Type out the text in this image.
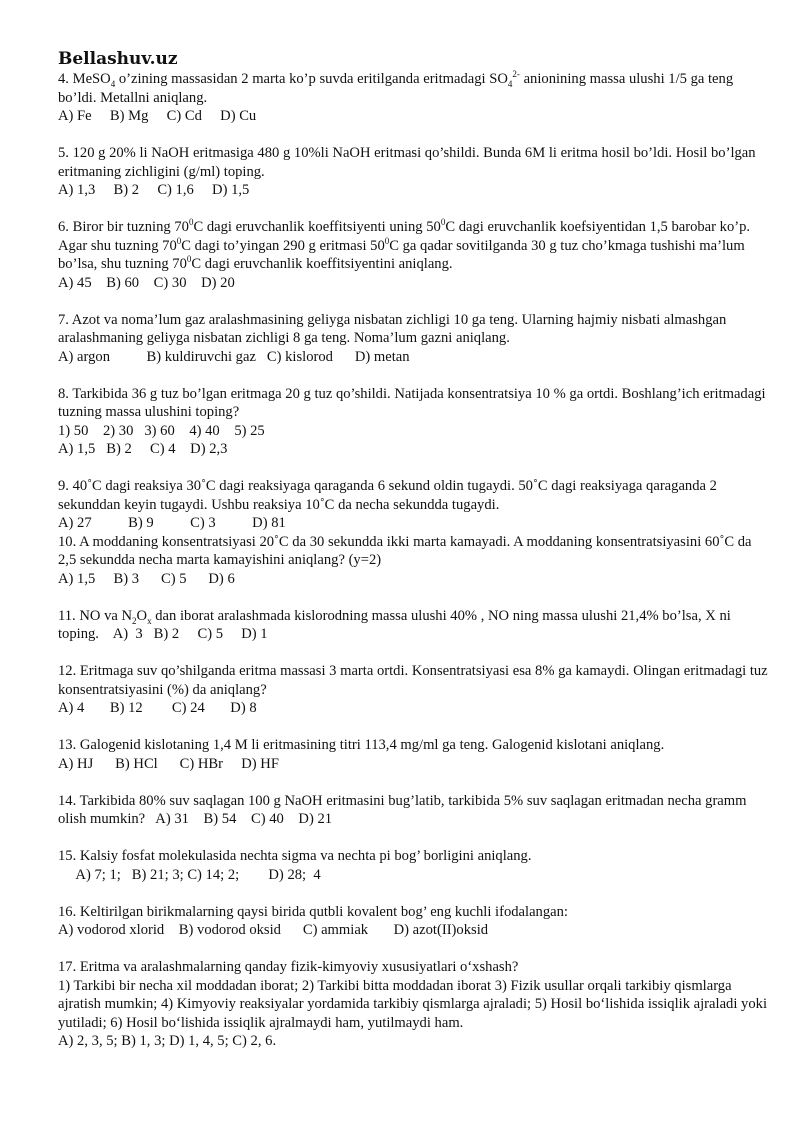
Bellashuv.uz

4. MeSO$_4$ o’zining massasidan 2 marta ko’p suvda eritilganda eritmadagi $SO_4^{2-}$ anionining massa ulushi 1/5 ga teng bo’ldi. Metallni aniqlang.

A) Fe     B) Mg     C) Cd     D) Cu

5. 120 g 20% li NaOH eritmasiga 480 g 10%li NaOH eritmasi qo’shildi. Bunda 6M li eritma hosil bo’ldi. Hosil bo’lgan eritmaning zichligini (g/ml) toping.

A) 1,3     B) 2     C) 1,6     D) 1,5

6. Biror bir tuzning $70^0C$ dagi eruvchanlik koeffitsiyenti uning $50^0C$ dagi eruvchanlik koefsiyentidan 1,5 barobar ko’p. Agar shu tuzning $70^0C$ dagi to’yingan 290 g eritmasi $50^0C$ ga qadar sovitilganda 30 g tuz cho’kmaga tushishi ma’lum bo’lsa, shu tuzning $70^0C$ dagi eruvchanlik koeffitsiyentini aniqlang.

A) 45    B) 60    C) 30    D) 20

7. Azot va noma’lum gaz aralashmasining geliyga nisbatan zichligi 10 ga teng. Ularning hajmiy nisbati almashgan aralashmaning geliyga nisbatan zichligi 8 ga teng. Noma’lum gazni aniqlang.

A) argon          B) kuldiruvchi gaz   C) kislorod      D) metan

8. Tarkibida 36 g tuz bo’lgan eritmaga 20 g tuz qo’shildi. Natijada konsentratsiya 10 % ga ortdi. Boshlang’ich eritmadagi tuzning massa ulushini toping?

1) 50    2) 30   3) 60    4) 40    5) 25

A) 1,5   B) 2     C) 4    D) 2,3

9. 40˚C dagi reaksiya 30˚C dagi reaksiyaga qaraganda 6 sekund oldin tugaydi. 50˚C dagi reaksiyaga qaraganda 2 sekunddan keyin tugaydi. Ushbu reaksiya 10˚C da necha sekundda tugaydi.

A) 27          B) 9          C) 3          D) 81

10. A moddaning konsentratsiyasi 20˚C da 30 sekundda ikki marta kamayadi. A moddaning konsentratsiyasini 60˚C da 2,5 sekundda necha marta kamayishini aniqlang? (y=2)

A) 1,5     B) 3      C) 5      D) 6

11. NO va $N_2O_x$ dan iborat aralashmada kislorodning massa ulushi 40% , NO ning massa ulushi 21,4% bo’lsa, X ni toping.    A)  3   B) 2     C) 5     D) 1

12. Eritmaga suv qo’shilganda eritma massasi 3 marta ortdi. Konsentratsiyasi esa 8% ga kamaydi. Olingan eritmadagi tuz konsentratsiyasini (%) da aniqlang?

A) 4       B) 12        C) 24       D) 8

13. Galogenid kislotaning 1,4 M li eritmasining titri 113,4 mg/ml ga teng. Galogenid kislotani aniqlang.

A) HJ      B) HCl      C) HBr     D) HF

14. Tarkibida 80% suv saqlagan 100 g NaOH eritmasini bug’latib, tarkibida 5% suv saqlagan eritmadan necha gramm olish mumkin?   A) 31    B) 54    C) 40    D) 21

15. Kalsiy fosfat molekulasida nechta sigma va nechta pi bog’ borligini aniqlang.

A) 7; 1;   B) 21; 3; C) 14; 2;        D) 28;  4

16. Keltirilgan birikmalarning qaysi birida qutbli kovalent bog’ eng kuchli ifodalangan:

A) vodorod xlorid    B) vodorod oksid      C) ammiak       D) azot(II)oksid

17. Eritma va aralashmalarning qanday fizik-kimyoviy xususiyatlari o‘xshash?

1) Tarkibi bir necha xil moddadan iborat; 2) Tarkibi bitta moddadan iborat 3) Fizik usullar orqali tarkibiy qismlarga ajratish mumkin; 4) Kimyoviy reaksiyalar yordamida tarkibiy qismlarga ajraladi; 5) Hosil bo‘lishida issiqlik ajraladi yoki yutiladi; 6) Hosil bo‘lishida issiqlik ajralmaydi ham, yutilmaydi ham.

A) 2, 3, 5; B) 1, 3; D) 1, 4, 5; C) 2, 6.
